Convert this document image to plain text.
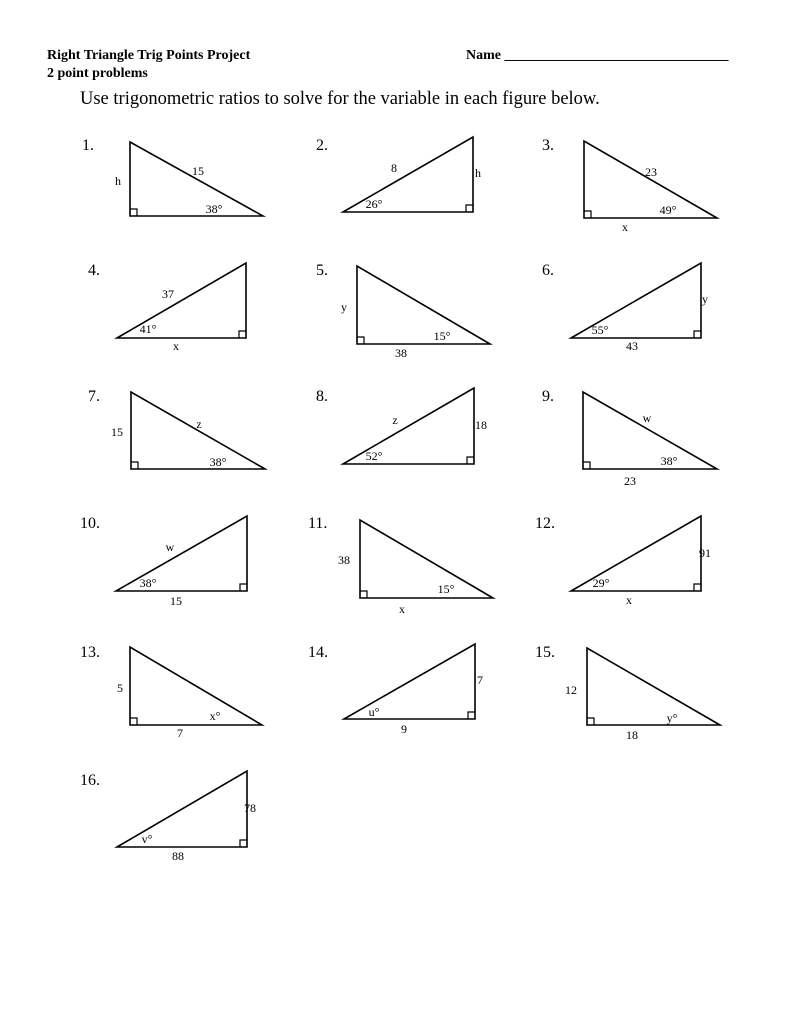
Right Triangle Trig Points Project
2 point problems
Name ________________________________
Use trigonometric ratios to solve for the variable in each figure below.
1.
h
15
38°
2.
8	h
26°
3.
23
49°
x
4.
37
41°
x
5.
y
15°
38
6.
y
55°
43
7.
15
z
38°
8.
z	18
52°
9.
w
38°
23
10.
w
38°
15
11.
38
15°
x
12.
91
29°
x
13.
5
x°
7
14.
7
u°
9
15.
12
y°
18
16.
78
v°
88
